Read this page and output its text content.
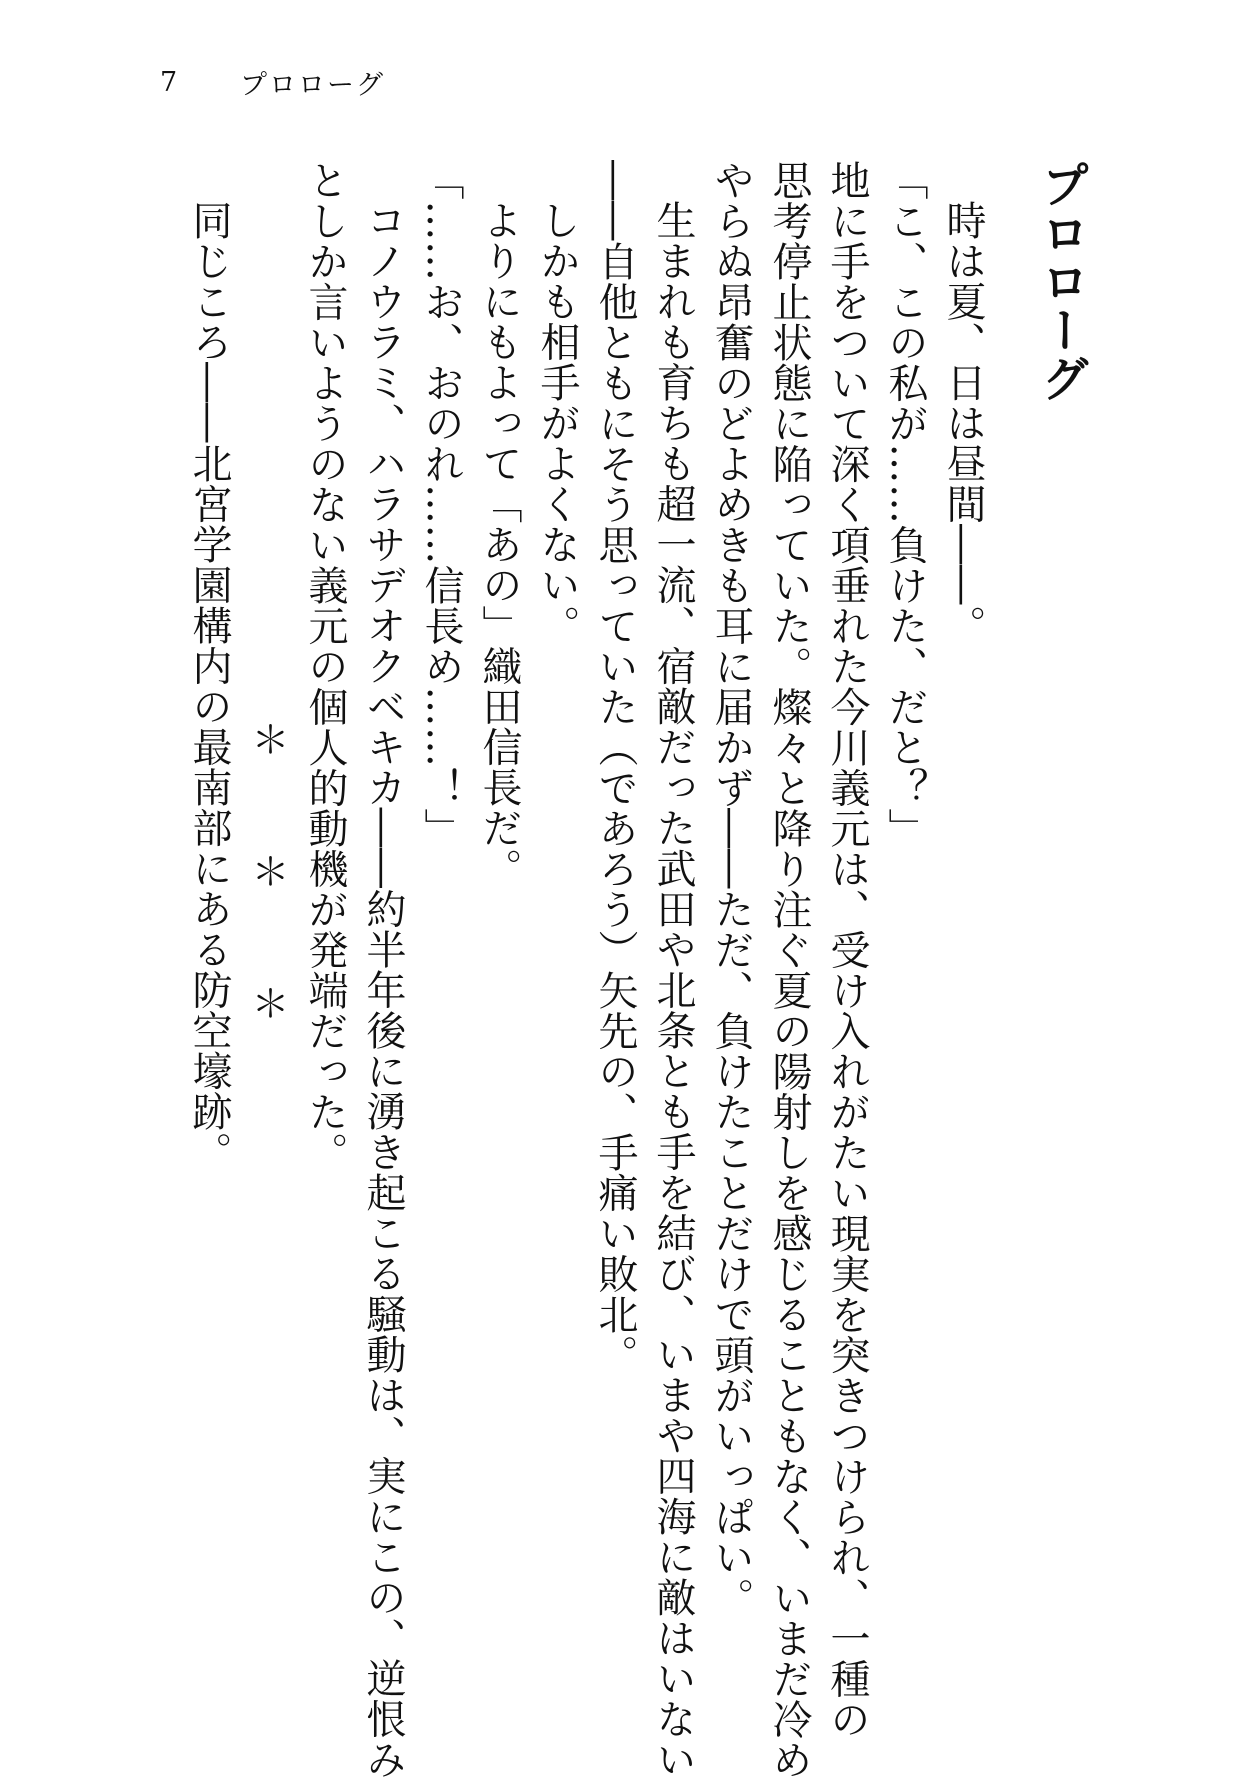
7	プロローグ
プロローグ
時は夏、日は昼間――。
「こ、この私が……負けた、だと？」
地に手をついて深く項垂れた今川義元は、受け入れがたい現実を突きつけられ、一種の
思考停止状態に陥っていた。燦々と降り注ぐ夏の陽射しを感じることもなく、いまだ冷め
やらぬ昂奮のどよめきも耳に届かず――ただ、負けたことだけで頭がいっぱい。
生まれも育ちも超一流、宿敵だった武田や北条とも手を結び、いまや四海に敵はいない
――自他ともにそう思っていた（であろう）矢先の、手痛い敗北。
しかも相手がよくない。
よりにもよって「あの」織田信長だ。
「……お、おのれ……信長め……！」
コノウラミ、ハラサデオクベキカ――約半年後に湧き起こる騒動は、実にこの、逆恨み
としか言いようのない義元の個人的動機が発端だった。
＊　＊　＊
同じころ――北宮学園構内の最南部にある防空壕跡。
